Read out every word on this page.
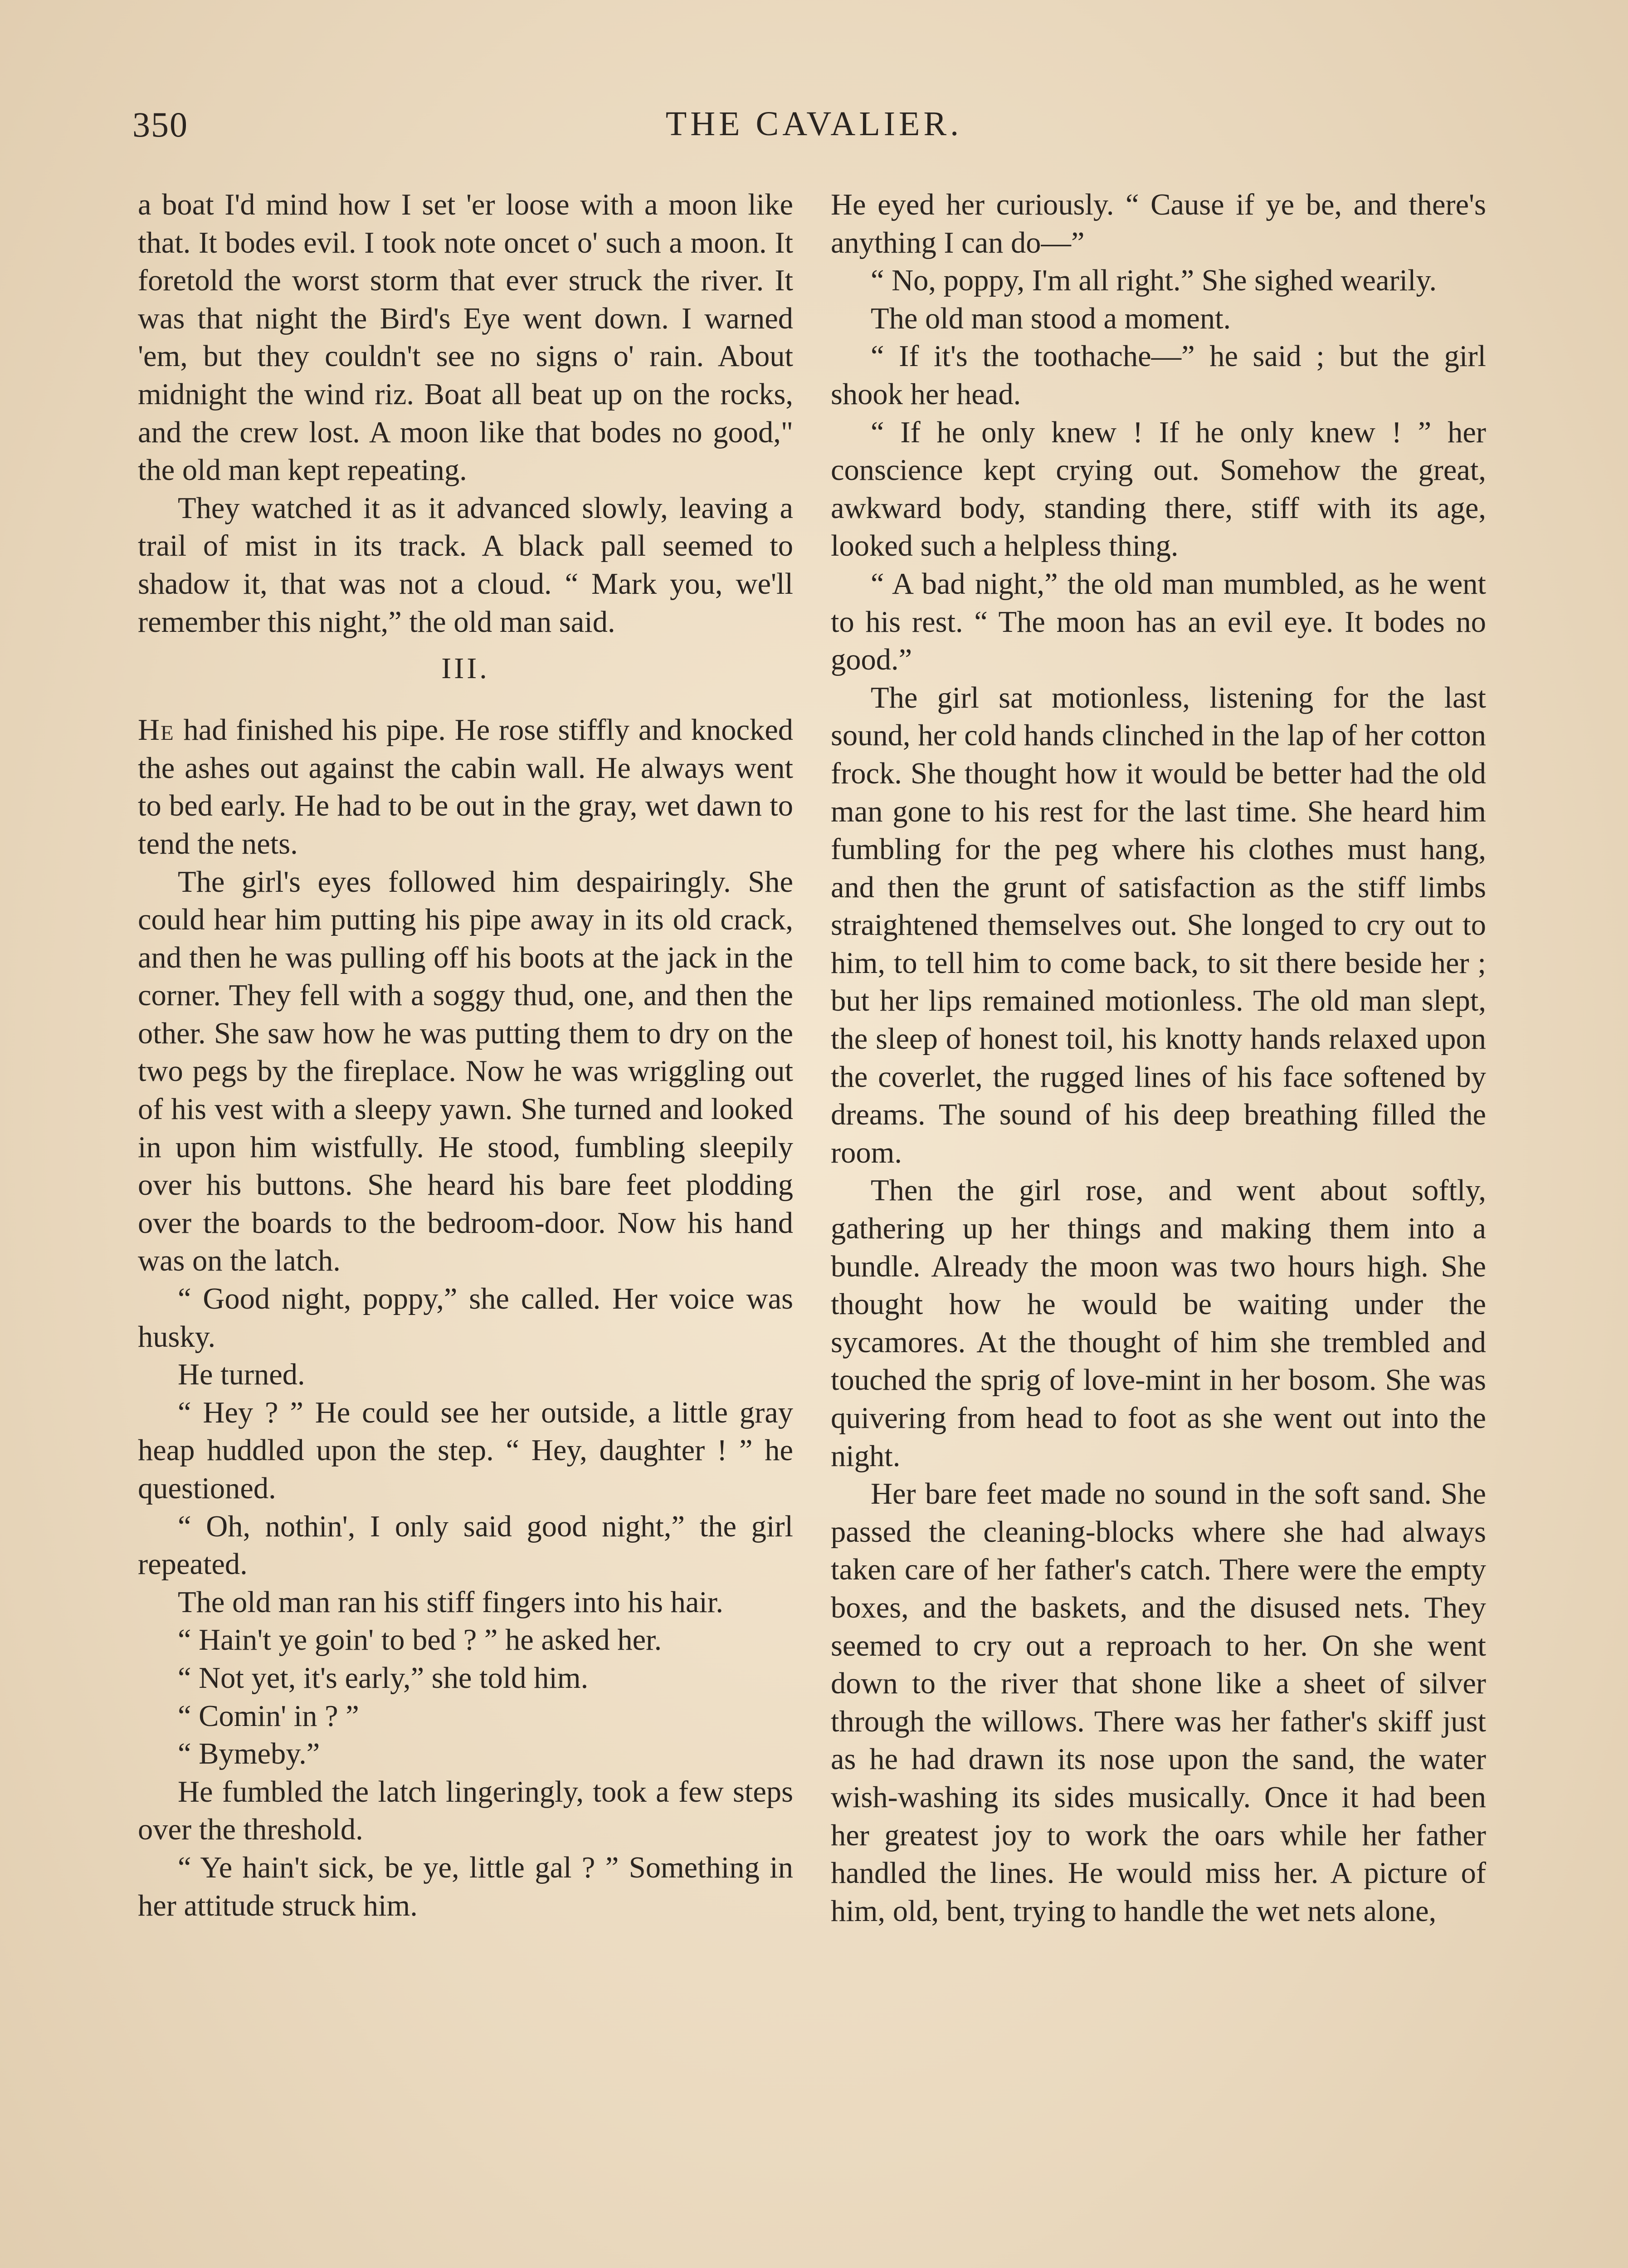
350	THE CAVALIER.

a boat I'd mind how I set 'er loose with a moon like that. It bodes evil. I took note oncet o' such a moon. It foretold the worst storm that ever struck the river. It was that night the Bird's Eye went down. I warned 'em, but they couldn't see no signs o' rain. About midnight the wind riz. Boat all beat up on the rocks, and the crew lost. A moon like that bodes no good," the old man kept repeating.

They watched it as it advanced slowly, leaving a trail of mist in its track. A black pall seemed to shadow it, that was not a cloud. “ Mark you, we'll remember this night,” the old man said.

III.

He had finished his pipe. He rose stiffly and knocked the ashes out against the cabin wall. He always went to bed early. He had to be out in the gray, wet dawn to tend the nets.

The girl's eyes followed him despairingly. She could hear him putting his pipe away in its old crack, and then he was pulling off his boots at the jack in the corner. They fell with a soggy thud, one, and then the other. She saw how he was putting them to dry on the two pegs by the fireplace. Now he was wriggling out of his vest with a sleepy yawn. She turned and looked in upon him wistfully. He stood, fumbling sleepily over his buttons. She heard his bare feet plodding over the boards to the bedroom-door. Now his hand was on the latch.

“ Good night, poppy,” she called. Her voice was husky.

He turned.

“ Hey ? ” He could see her outside, a little gray heap huddled upon the step. “ Hey, daughter ! ” he questioned.

“ Oh, nothin', I only said good night,” the girl repeated.

The old man ran his stiff fingers into his hair.

“ Hain't ye goin' to bed ? ” he asked her.

“ Not yet, it's early,” she told him.

“ Comin' in ? ”

“ Bymeby.”

He fumbled the latch lingeringly, took a few steps over the threshold.

“ Ye hain't sick, be ye, little gal ? ” Something in her attitude struck him.

He eyed her curiously. “ Cause if ye be, and there's anything I can do—”

“ No, poppy, I'm all right.” She sighed wearily.

The old man stood a moment.

“ If it's the toothache—” he said ; but the girl shook her head.

“ If he only knew ! If he only knew ! ” her conscience kept crying out. Somehow the great, awkward body, standing there, stiff with its age, looked such a helpless thing.

“ A bad night,” the old man mumbled, as he went to his rest. “ The moon has an evil eye. It bodes no good.”

The girl sat motionless, listening for the last sound, her cold hands clinched in the lap of her cotton frock. She thought how it would be better had the old man gone to his rest for the last time. She heard him fumbling for the peg where his clothes must hang, and then the grunt of satisfaction as the stiff limbs straightened themselves out. She longed to cry out to him, to tell him to come back, to sit there beside her ; but her lips remained motionless. The old man slept, the sleep of honest toil, his knotty hands relaxed upon the coverlet, the rugged lines of his face softened by dreams. The sound of his deep breathing filled the room.

Then the girl rose, and went about softly, gathering up her things and making them into a bundle. Already the moon was two hours high. She thought how he would be waiting under the sycamores. At the thought of him she trembled and touched the sprig of love-mint in her bosom. She was quivering from head to foot as she went out into the night.

Her bare feet made no sound in the soft sand. She passed the cleaning-blocks where she had always taken care of her father's catch. There were the empty boxes, and the baskets, and the disused nets. They seemed to cry out a reproach to her. On she went down to the river that shone like a sheet of silver through the willows. There was her father's skiff just as he had drawn its nose upon the sand, the water wish-washing its sides musically. Once it had been her greatest joy to work the oars while her father handled the lines. He would miss her. A picture of him, old, bent, trying to handle the wet nets alone,
